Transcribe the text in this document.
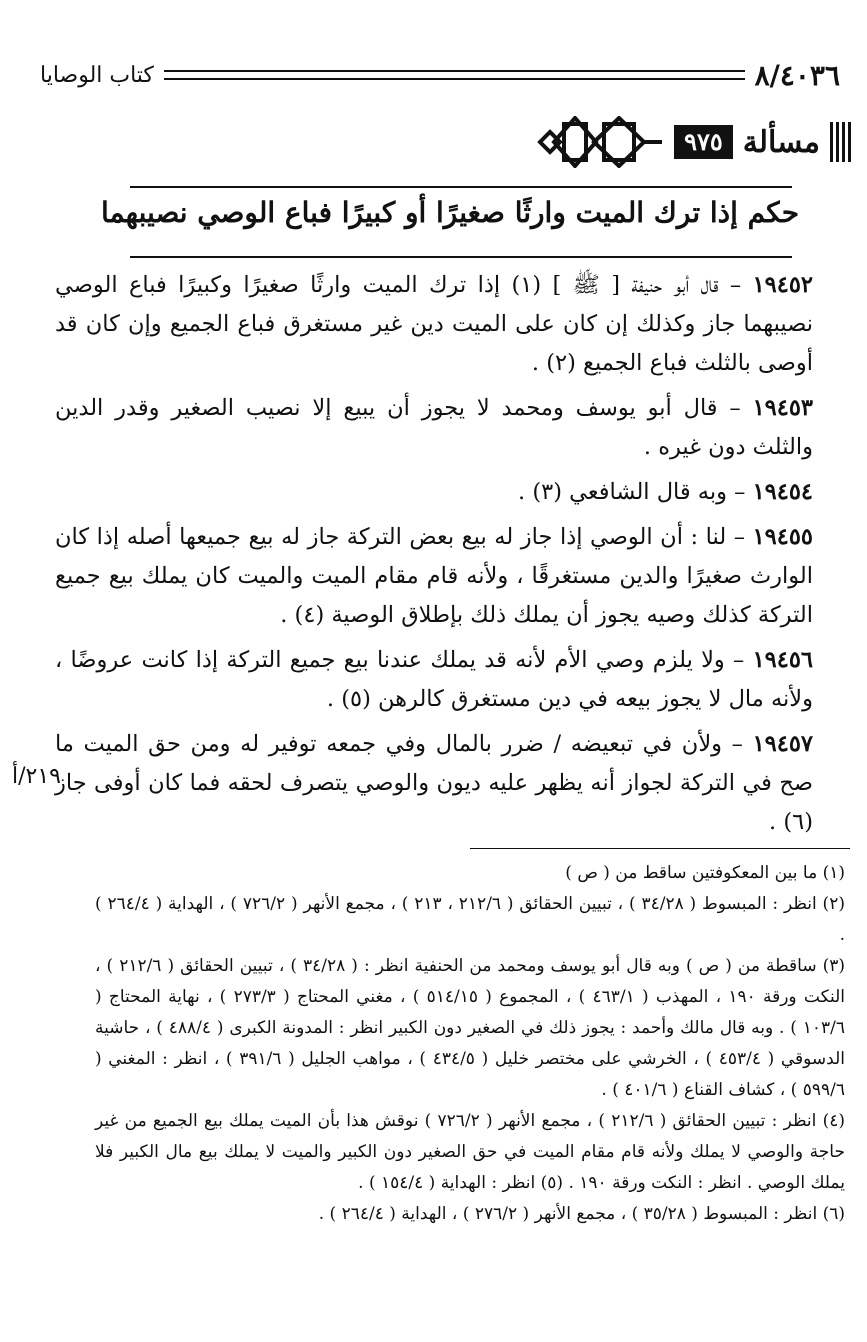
كتاب الوصايا	٨/٤٠٣٦
مسألة
٩٧٥
حكم إذا ترك الميت وارثًا صغيرًا أو كبيرًا فباع الوصي نصيبهما

١٩٤٥٢ – قال أبو حنيفة [ ﷺ ] (١) إذا ترك الميت وارثًا صغيرًا وكبيرًا فباع الوصي نصيبهما جاز وكذلك إن كان على الميت دين غير مستغرق فباع الجميع وإن كان قد أوصى بالثلث فباع الجميع (٢) .

١٩٤٥٣ – قال أبو يوسف ومحمد لا يجوز أن يبيع إلا نصيب الصغير وقدر الدين والثلث دون غيره .

١٩٤٥٤ – وبه قال الشافعي (٣) .

١٩٤٥٥ – لنا : أن الوصي إذا جاز له بيع بعض التركة جاز له بيع جميعها أصله إذا كان الوارث صغيرًا والدين مستغرقًا ، ولأنه قام مقام الميت والميت كان يملك بيع جميع التركة كذلك وصيه يجوز أن يملك ذلك بإطلاق الوصية (٤) .

١٩٤٥٦ – ولا يلزم وصي الأم لأنه قد يملك عندنا بيع جميع التركة إذا كانت عروضًا ، ولأنه مال لا يجوز بيعه في دين مستغرق كالرهن (٥) .

١٩٤٥٧ – ولأن في تبعيضه / ضرر بالمال وفي جمعه توفير له ومن حق الميت ما صح في التركة لجواز أنه يظهر عليه ديون والوصي يتصرف لحقه فما كان أوفى جاز (٦) .

٢١٩/أ

(١) ما بين المعكوفتين ساقط من ( ص )

(٢) انظر : المبسوط ( ٣٤/٢٨ ) ، تبيين الحقائق ( ٢١٢/٦ ، ٢١٣ ) ، مجمع الأنهر ( ٧٢٦/٢ ) ، الهداية ( ٢٦٤/٤ ) .

(٣) ساقطة من ( ص ) وبه قال أبو يوسف ومحمد من الحنفية انظر : ( ٣٤/٢٨ ) ، تبيين الحقائق ( ٢١٢/٦ ) ، النكت ورقة ١٩٠ ، المهذب ( ٤٦٣/١ ) ، المجموع ( ٥١٤/١٥ ) ، مغني المحتاج ( ٢٧٣/٣ ) ، نهاية المحتاج ( ١٠٣/٦ ) . وبه قال مالك وأحمد : يجوز ذلك في الصغير دون الكبير انظر : المدونة الكبرى ( ٤٨٨/٤ ) ، حاشية الدسوقي ( ٤٥٣/٤ ) ، الخرشي على مختصر خليل ( ٤٣٤/٥ ) ، مواهب الجليل ( ٣٩١/٦ ) ، انظر : المغني ( ٥٩٩/٦ ) ، كشاف القناع ( ٤٠١/٦ ) .

(٤) انظر : تبيين الحقائق ( ٢١٢/٦ ) ، مجمع الأنهر ( ٧٢٦/٢ ) نوقش هذا بأن الميت يملك بيع الجميع من غير حاجة والوصي لا يملك ولأنه قام مقام الميت في حق الصغير دون الكبير والميت لا يملك بيع مال الكبير فلا يملك الوصي . انظر : النكت ورقة ١٩٠ . (٥) انظر : الهداية ( ١٥٤/٤ ) .

(٦) انظر : المبسوط ( ٣٥/٢٨ ) ، مجمع الأنهر ( ٢٧٦/٢ ) ، الهداية ( ٢٦٤/٤ ) .
